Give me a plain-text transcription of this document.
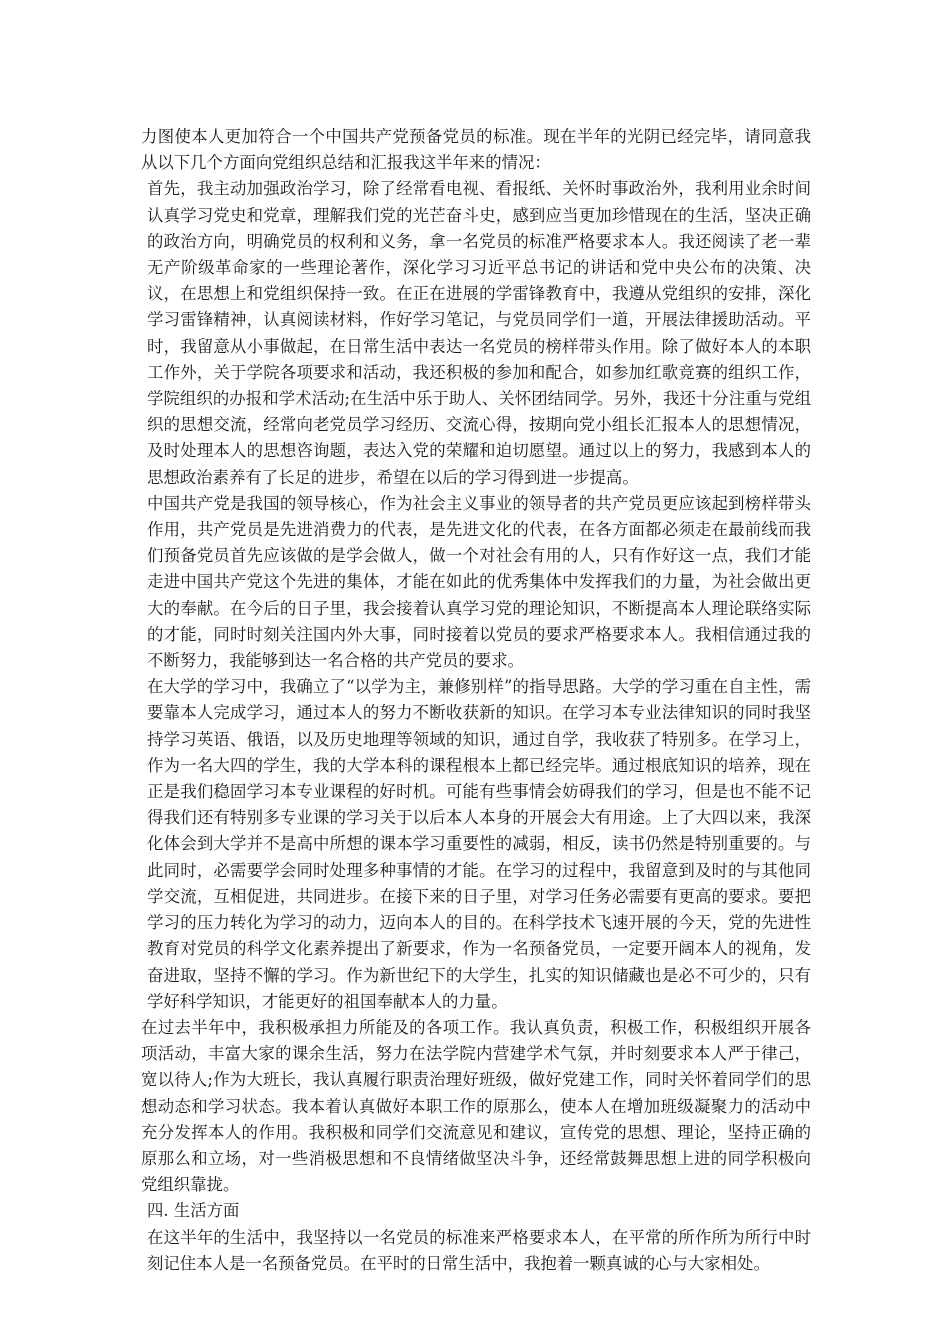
力图使本人更加符合一个中国共产党预备党员的标准。现在半年的光阴已经完毕，请同意我从以下几个方面向党组织总结和汇报我这半年来的情况：

首先，我主动加强政治学习，除了经常看电视、看报纸、关怀时事政治外，我利用业余时间认真学习党史和党章，理解我们党的光芒奋斗史，感到应当更加珍惜现在的生活，坚决正确的政治方向，明确党员的权利和义务，拿一名党员的标准严格要求本人。我还阅读了老一辈无产阶级革命家的一些理论著作，深化学习习近平总书记的讲话和党中央公布的决策、决议，在思想上和党组织保持一致。在正在进展的学雷锋教育中，我遵从党组织的安排，深化学习雷锋精神，认真阅读材料，作好学习笔记，与党员同学们一道，开展法律援助活动。平时，我留意从小事做起，在日常生活中表达一名党员的榜样带头作用。除了做好本人的本职工作外，关于学院各项要求和活动，我还积极的参加和配合，如参加红歌竞赛的组织工作，学院组织的办报和学术活动;在生活中乐于助人、关怀团结同学。另外，我还十分注重与党组织的思想交流，经常向老党员学习经历、交流心得，按期向党小组长汇报本人的思想情况，及时处理本人的思想咨询题，表达入党的荣耀和迫切愿望。通过以上的努力，我感到本人的思想政治素养有了长足的进步，希望在以后的学习得到进一步提高。

中国共产党是我国的领导核心，作为社会主义事业的领导者的共产党员更应该起到榜样带头作用，共产党员是先进消费力的代表，是先进文化的代表，在各方面都必须走在最前线而我们预备党员首先应该做的是学会做人，做一个对社会有用的人，只有作好这一点，我们才能走进中国共产党这个先进的集体，才能在如此的优秀集体中发挥我们的力量，为社会做出更大的奉献。在今后的日子里，我会接着认真学习党的理论知识，不断提高本人理论联络实际的才能，同时时刻关注国内外大事，同时接着以党员的要求严格要求本人。我相信通过我的不断努力，我能够到达一名合格的共产党员的要求。

在大学的学习中，我确立了“以学为主，兼修别样”的指导思路。大学的学习重在自主性，需要靠本人完成学习，通过本人的努力不断收获新的知识。在学习本专业法律知识的同时我坚持学习英语、俄语，以及历史地理等领域的知识，通过自学，我收获了特别多。在学习上，作为一名大四的学生，我的大学本科的课程根本上都已经完毕。通过根底知识的培养，现在正是我们稳固学习本专业课程的好时机。可能有些事情会妨碍我们的学习，但是也不能不记得我们还有特别多专业课的学习关于以后本人本身的开展会大有用途。上了大四以来，我深化体会到大学并不是高中所想的课本学习重要性的减弱，相反，读书仍然是特别重要的。与此同时，必需要学会同时处理多种事情的才能。在学习的过程中，我留意到及时的与其他同学交流，互相促进，共同进步。在接下来的日子里，对学习任务必需要有更高的要求。要把学习的压力转化为学习的动力，迈向本人的目的。在科学技术飞速开展的今天，党的先进性教育对党员的科学文化素养提出了新要求，作为一名预备党员，一定要开阔本人的视角，发奋进取，坚持不懈的学习。作为新世纪下的大学生，扎实的知识储藏也是必不可少的，只有学好科学知识，才能更好的祖国奉献本人的力量。

在过去半年中，我积极承担力所能及的各项工作。我认真负责，积极工作，积极组织开展各项活动，丰富大家的课余生活，努力在法学院内营建学术气氛，并时刻要求本人严于律己，宽以待人;作为大班长，我认真履行职责治理好班级，做好党建工作，同时关怀着同学们的思想动态和学习状态。我本着认真做好本职工作的原那么，使本人在增加班级凝聚力的活动中充分发挥本人的作用。我积极和同学们交流意见和建议，宣传党的思想、理论，坚持正确的原那么和立场，对一些消极思想和不良情绪做坚决斗争，还经常鼓舞思想上进的同学积极向党组织靠拢。

四. 生活方面

在这半年的生活中，我坚持以一名党员的标准来严格要求本人，在平常的所作所为所行中时刻记住本人是一名预备党员。在平时的日常生活中，我抱着一颗真诚的心与大家相处。
